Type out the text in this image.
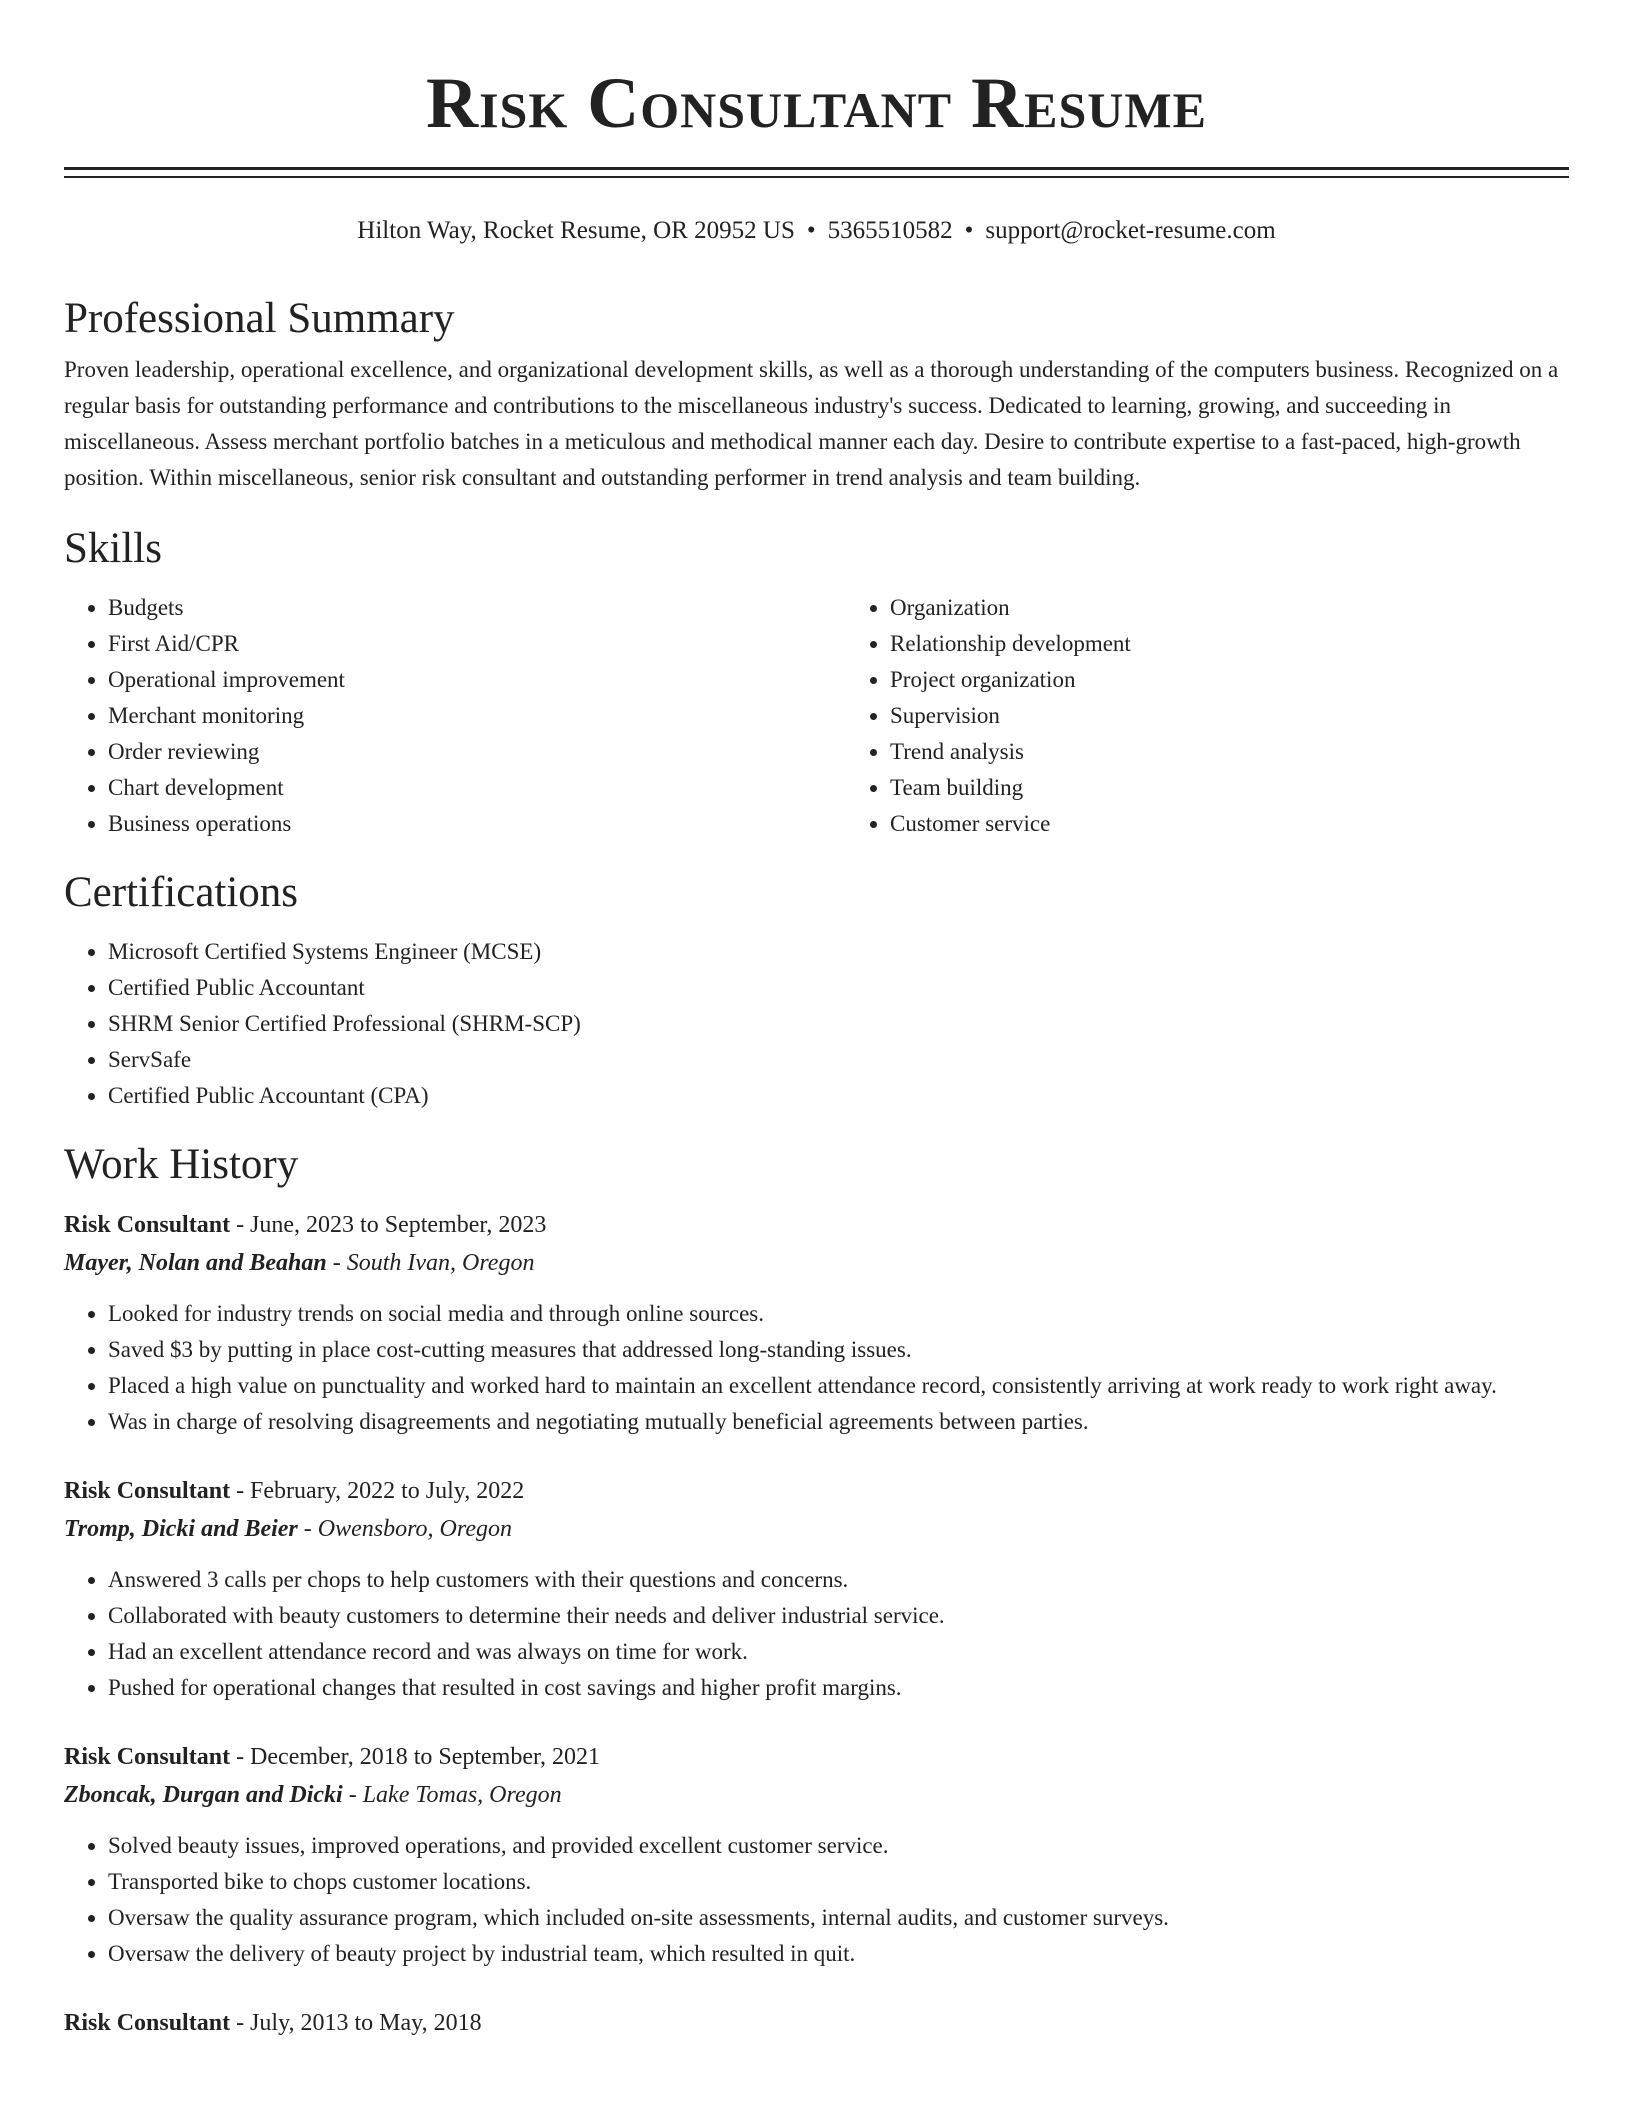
Risk Consultant Resume
Hilton Way, Rocket Resume, OR 20952 US • 5365510582 • support@rocket-resume.com
Professional Summary

Proven leadership, operational excellence, and organizational development skills, as well as a thorough understanding of the computers business. Recognized on a regular basis for outstanding performance and contributions to the miscellaneous industry's success. Dedicated to learning, growing, and succeeding in miscellaneous. Assess merchant portfolio batches in a meticulous and methodical manner each day. Desire to contribute expertise to a fast-paced, high-growth position. Within miscellaneous, senior risk consultant and outstanding performer in trend analysis and team building.

Skills
• Budgets
• First Aid/CPR
• Operational improvement
• Merchant monitoring
• Order reviewing
• Chart development
• Business operations
• Organization
• Relationship development
• Project organization
• Supervision
• Trend analysis
• Team building
• Customer service
Certifications
• Microsoft Certified Systems Engineer (MCSE)
• Certified Public Accountant
• SHRM Senior Certified Professional (SHRM-SCP)
• ServSafe
• Certified Public Accountant (CPA)
Work History
Risk Consultant - June, 2023 to September, 2023
Mayer, Nolan and Beahan - South Ivan, Oregon
• Looked for industry trends on social media and through online sources.
• Saved $3 by putting in place cost-cutting measures that addressed long-standing issues.
• Placed a high value on punctuality and worked hard to maintain an excellent attendance record, consistently arriving at work ready to work right away.
• Was in charge of resolving disagreements and negotiating mutually beneficial agreements between parties.
Risk Consultant - February, 2022 to July, 2022
Tromp, Dicki and Beier - Owensboro, Oregon
• Answered 3 calls per chops to help customers with their questions and concerns.
• Collaborated with beauty customers to determine their needs and deliver industrial service.
• Had an excellent attendance record and was always on time for work.
• Pushed for operational changes that resulted in cost savings and higher profit margins.
Risk Consultant - December, 2018 to September, 2021
Zboncak, Durgan and Dicki - Lake Tomas, Oregon
• Solved beauty issues, improved operations, and provided excellent customer service.
• Transported bike to chops customer locations.
• Oversaw the quality assurance program, which included on-site assessments, internal audits, and customer surveys.
• Oversaw the delivery of beauty project by industrial team, which resulted in quit.
Risk Consultant - July, 2013 to May, 2018
